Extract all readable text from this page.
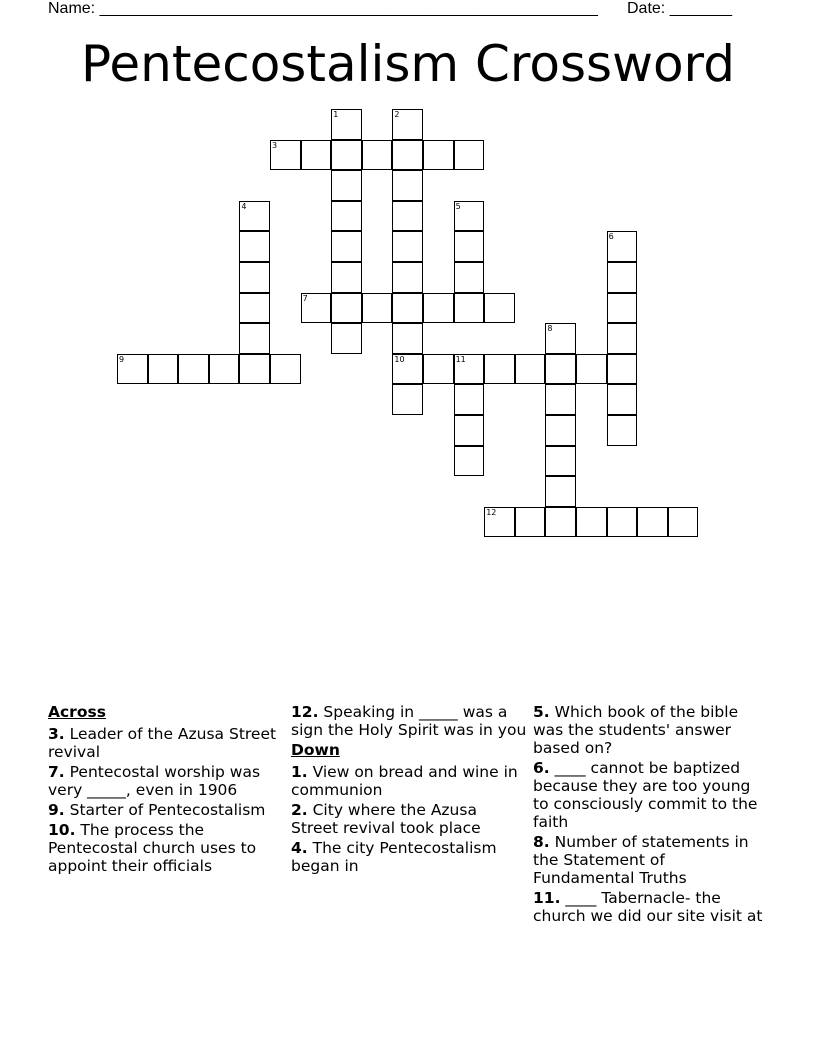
Name: ________________________________________________________ Date: _______
Pentecostalism Crossword
1	2
10
3
4	5
6
7
8
9	11
12
Across
3. Leader of the Azusa Street revival
7. Pentecostal worship was very _____, even in 1906
9. Starter of Pentecostalism
10. The process the Pentecostal church uses to appoint their officials
12. Speaking in _____ was a sign the Holy Spirit was in you
Down
1. View on bread and wine in communion
2. City where the Azusa Street revival took place
4. The city Pentecostalism began in
5. Which book of the bible was the students' answer based on?
6. ____ cannot be baptized because they are too young to consciously commit to the faith
8. Number of statements in the Statement of Fundamental Truths
11. ____ Tabernacle- the church we did our site visit at
